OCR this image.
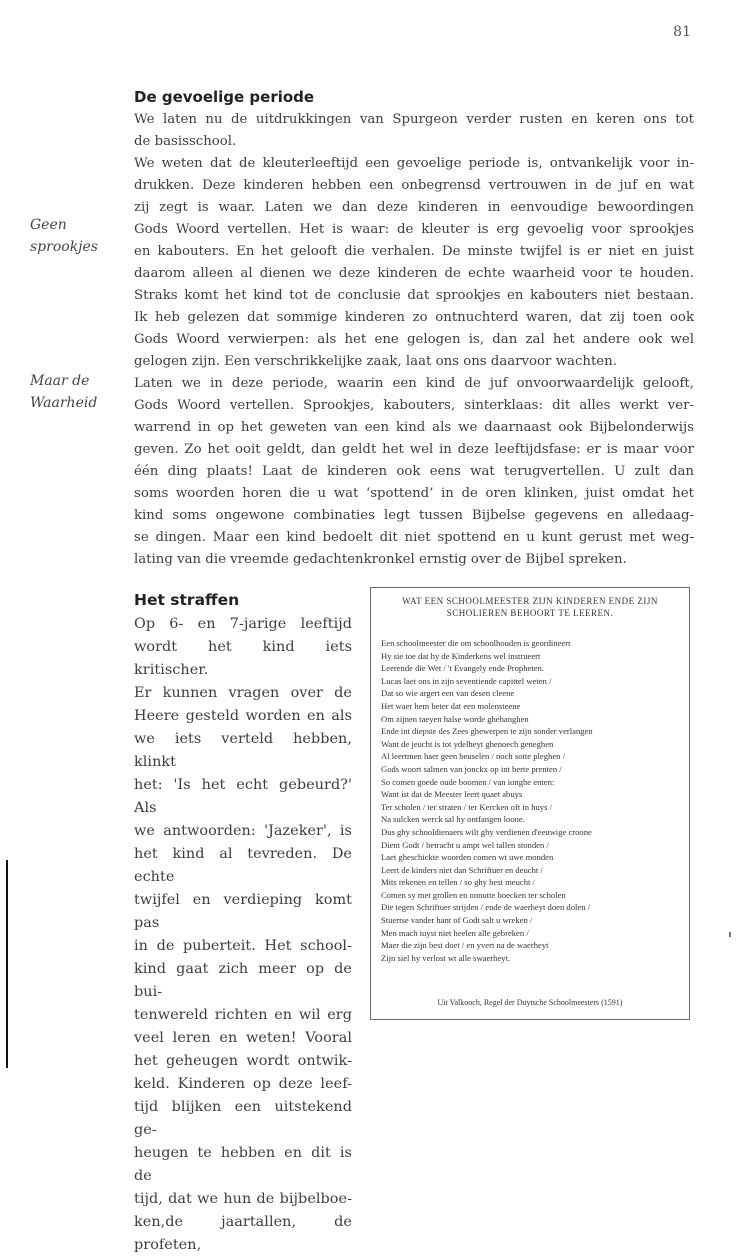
81
Geen
sprookjes
Maar de
Waarheid
De gevoelige periode
We laten nu de uitdrukkingen van Spurgeon verder rusten en keren ons tot
de basisschool.
We weten dat de kleuterleeftijd een gevoelige periode is, ontvankelijk voor in-
drukken. Deze kinderen hebben een onbegrensd vertrouwen in de juf en wat
zij zegt is waar. Laten we dan deze kinderen in eenvoudige bewoordingen
Gods Woord vertellen. Het is waar: de kleuter is erg gevoelig voor sprookjes
en kabouters. En het gelooft die verhalen. De minste twijfel is er niet en juist
daarom alleen al dienen we deze kinderen de echte waarheid voor te houden.
Straks komt het kind tot de conclusie dat sprookjes en kabouters niet bestaan.
Ik heb gelezen dat sommige kinderen zo ontnuchterd waren, dat zij toen ook
Gods Woord verwierpen: als het ene gelogen is, dan zal het andere ook wel
gelogen zijn. Een verschrikkelijke zaak, laat ons ons daarvoor wachten.
Laten we in deze periode, waarin een kind de juf onvoorwaardelijk gelooft,
Gods Woord vertellen. Sprookjes, kabouters, sinterklaas: dit alles werkt ver-
warrend in op het geweten van een kind als we daarnaast ook Bijbelonderwijs
geven. Zo het ooit geldt, dan geldt het wel in deze leeftijdsfase: er is maar voor
één ding plaats! Laat de kinderen ook eens wat terugvertellen. U zult dan
soms woorden horen die u wat ‘spottend’ in de oren klinken, juist omdat het
kind soms ongewone combinaties legt tussen Bijbelse gegevens en alledaag-
se dingen. Maar een kind bedoelt dit niet spottend en u kunt gerust met weg-
lating van die vreemde gedachtenkronkel ernstig over de Bijbel spreken.
Het straffen
Op 6- en 7-jarige leeftijd
wordt het kind iets kritischer.
Er kunnen vragen over de
Heere gesteld worden en als
we iets verteld hebben, klinkt
het: 'Is het echt gebeurd?' Als
we antwoorden: 'Jazeker', is
het kind al tevreden. De echte
twijfel en verdieping komt pas
in de puberteit. Het school-
kind gaat zich meer op de bui-
tenwereld richten en wil erg
veel leren en weten! Vooral
het geheugen wordt ontwik-
keld. Kinderen op deze leef-
tijd blijken een uitstekend ge-
heugen te hebben en dit is de
tijd, dat we hun de bijbelboe-
ken,de jaartallen, de profeten,

WAT EEN SCHOOLMEESTER ZIJN KINDEREN ENDE ZIJN SCHOLIEREN BEHOORT TE LEEREN.

Een schoolmeester die om schoolhouden is geordineert
Hy sie toe dat hy de Kinderkens wel instrueert
Leerende die Wet / 't Evangely ende Propheten.
Lucas laet ons in zijn seventiende capittel weten /
Dat so wie argert een van desen cleene
Het waer hem beter dat een molensteene
Om zijnen taeyen halse worde ghehanghen
Ende int diepste des Zees ghewerpen te zijn sonder verlangen
Want de jeucht is tot ydelheyt ghenoech geneghen
Al leertmen haer geen beuselen / noch sotte pleghen /
Gods woort salmen van jonckx op int herte prenten /
So comen goede oude boomen / van ionghe enten:
Want ist dat de Meester leert quaet abuys
Ter scholen / ter straten / ter Kercken oft in huys /
Na sulcken werck sal hy ontfangen loone.
Dus ghy schooldienaers wilt ghy verdienen d'eeuwige croone
Dient Godt / betracht u ampt wel tallen stonden /
Laet gheschickte woorden comen wt uwe monden
Leert de kinders niet dan Schriftuer en deucht /
Mits rekenen en tellen / so ghy best meucht /
Comen sy met grollen en onnutte boecken ter scholen
Die tegen Schriftuer strijden / ende de waerheyt doen dolen /
Stuertse vander hant of Godt salt u wreken /
Men mach iuyst niet heelen alle gebreken /
Maer die zijn best doet / en yvert na de waerheyt
Zijn siel hy verlost wt alle swaerheyt.
Uit Valkooch, Regel der Duytsche Schoolmeesters (1591)
